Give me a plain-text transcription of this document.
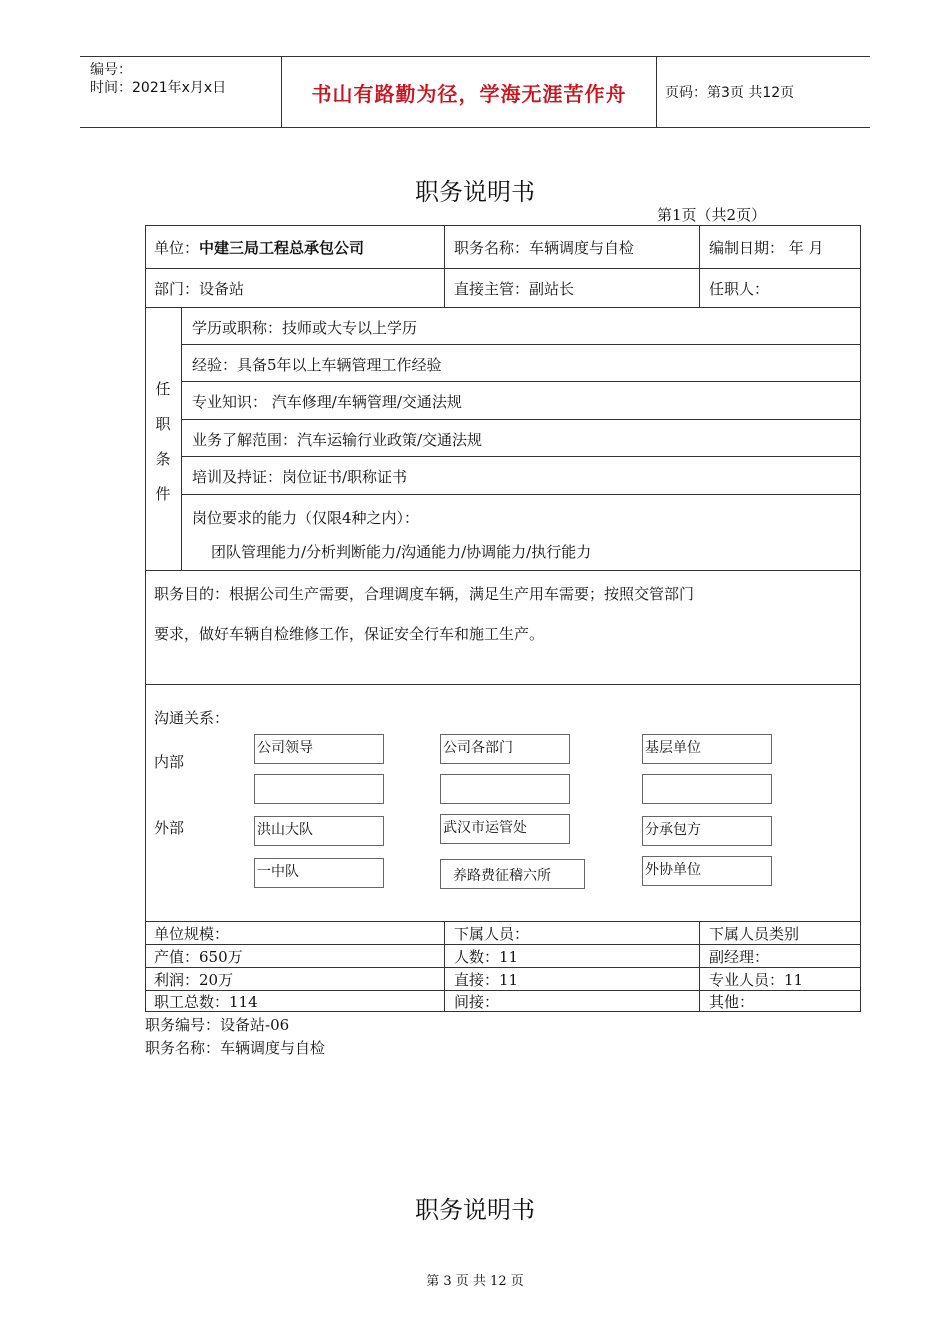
编号：
时间：2021年x月x日	书山有路勤为径，学海无涯苦作舟	页码：第3页 共12页
职务说明书
第1页（共2页）
单位：中建三局工程总承包公司	职务名称：车辆调度与自检	编制日期： 年 月
部门：设备站	直接主管：副站长	任职人：
任
职
条
件
学历或职称：技师或大专以上学历
经验：具备5年以上车辆管理工作经验
专业知识： 汽车修理/车辆管理/交通法规
业务了解范围：汽车运输行业政策/交通法规
培训及持证：岗位证书/职称证书
岗位要求的能力（仅限4种之内）：
团队管理能力/分析判断能力/沟通能力/协调能力/执行能力
职务目的：根据公司生产需要，合理调度车辆，满足生产用车需要；按照交管部门
要求，做好车辆自检维修工作，保证安全行车和施工生产。
沟通关系：
内部
外部
公司领导	公司各部门	基层单位
洪山大队	武汉市运管处	分承包方
一中队	养路费征稽六所	外协单位
单位规模：	下属人员：	下属人员类别
产值：650万	人数：11	副经理：
利润：20万	直接：11	专业人员：11
职工总数：114	间接：	其他：
职务编号：设备站-06
职务名称：车辆调度与自检
职务说明书
第 3 页 共 12 页
